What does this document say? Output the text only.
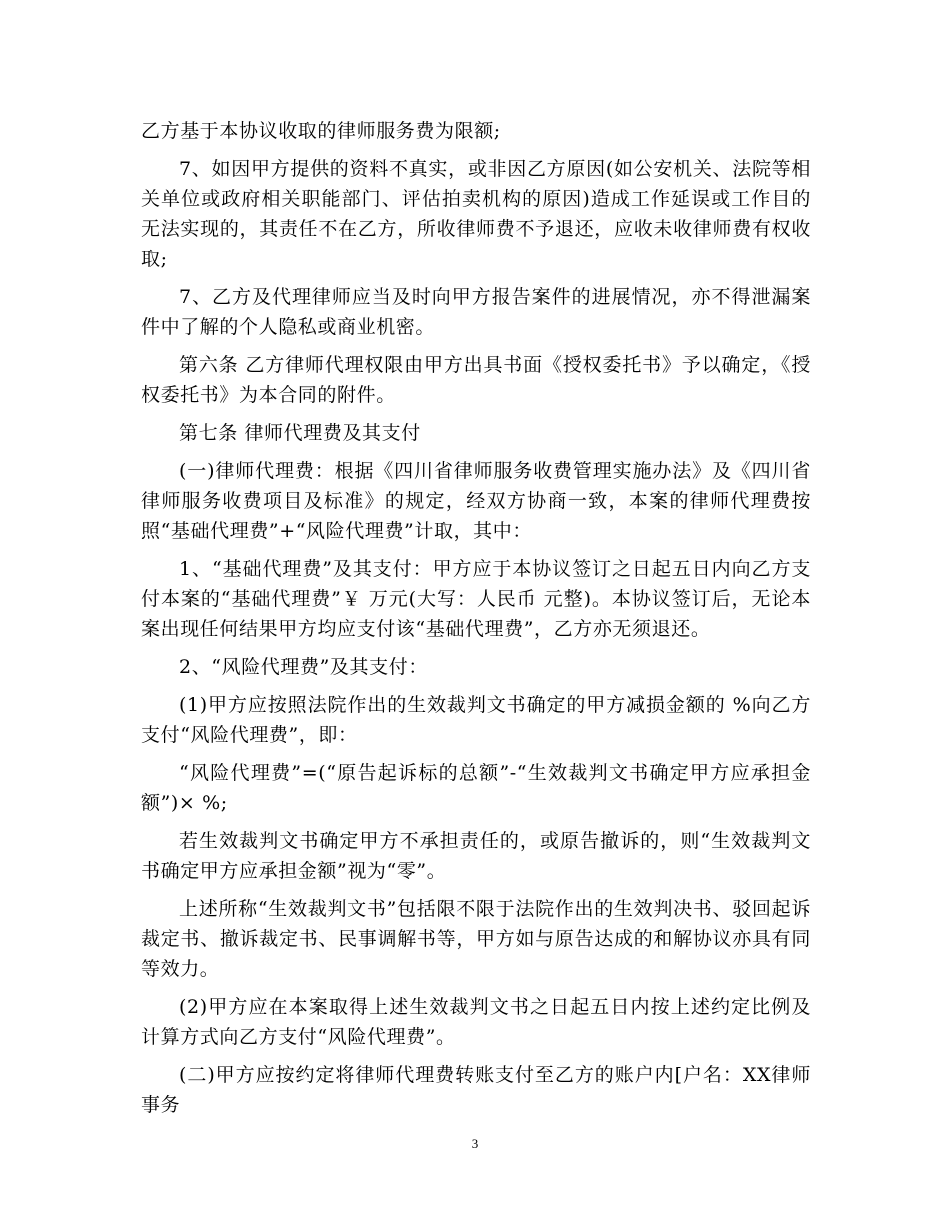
乙方基于本协议收取的律师服务费为限额;

7、如因甲方提供的资料不真实，或非因乙方原因(如公安机关、法院等相关单位或政府相关职能部门、评估拍卖机构的原因)造成工作延误或工作目的无法实现的，其责任不在乙方，所收律师费不予退还，应收未收律师费有权收取;

7、乙方及代理律师应当及时向甲方报告案件的进展情况，亦不得泄漏案件中了解的个人隐私或商业机密。

第六条 乙方律师代理权限由甲方出具书面《授权委托书》予以确定，《授权委托书》为本合同的附件。

第七条 律师代理费及其支付

(一)律师代理费：根据《四川省律师服务收费管理实施办法》及《四川省律师服务收费项目及标准》的规定，经双方协商一致，本案的律师代理费按照“基础代理费”+“风险代理费”计取，其中：

1、“基础代理费”及其支付：甲方应于本协议签订之日起五日内向乙方支付本案的“基础代理费”￥ 万元(大写：人民币 元整)。本协议签订后，无论本案出现任何结果甲方均应支付该“基础代理费”，乙方亦无须退还。

2、“风险代理费”及其支付：

(1)甲方应按照法院作出的生效裁判文书确定的甲方减损金额的 %向乙方支付“风险代理费”，即：

“风险代理费”=(“原告起诉标的总额”-“生效裁判文书确定甲方应承担金额”)× %;

若生效裁判文书确定甲方不承担责任的，或原告撤诉的，则“生效裁判文书确定甲方应承担金额”视为“零”。

上述所称“生效裁判文书”包括限不限于法院作出的生效判决书、驳回起诉裁定书、撤诉裁定书、民事调解书等，甲方如与原告达成的和解协议亦具有同等效力。

(2)甲方应在本案取得上述生效裁判文书之日起五日内按上述约定比例及计算方式向乙方支付“风险代理费”。

(二)甲方应按约定将律师代理费转账支付至乙方的账户内[户名：XX律师事务

3
